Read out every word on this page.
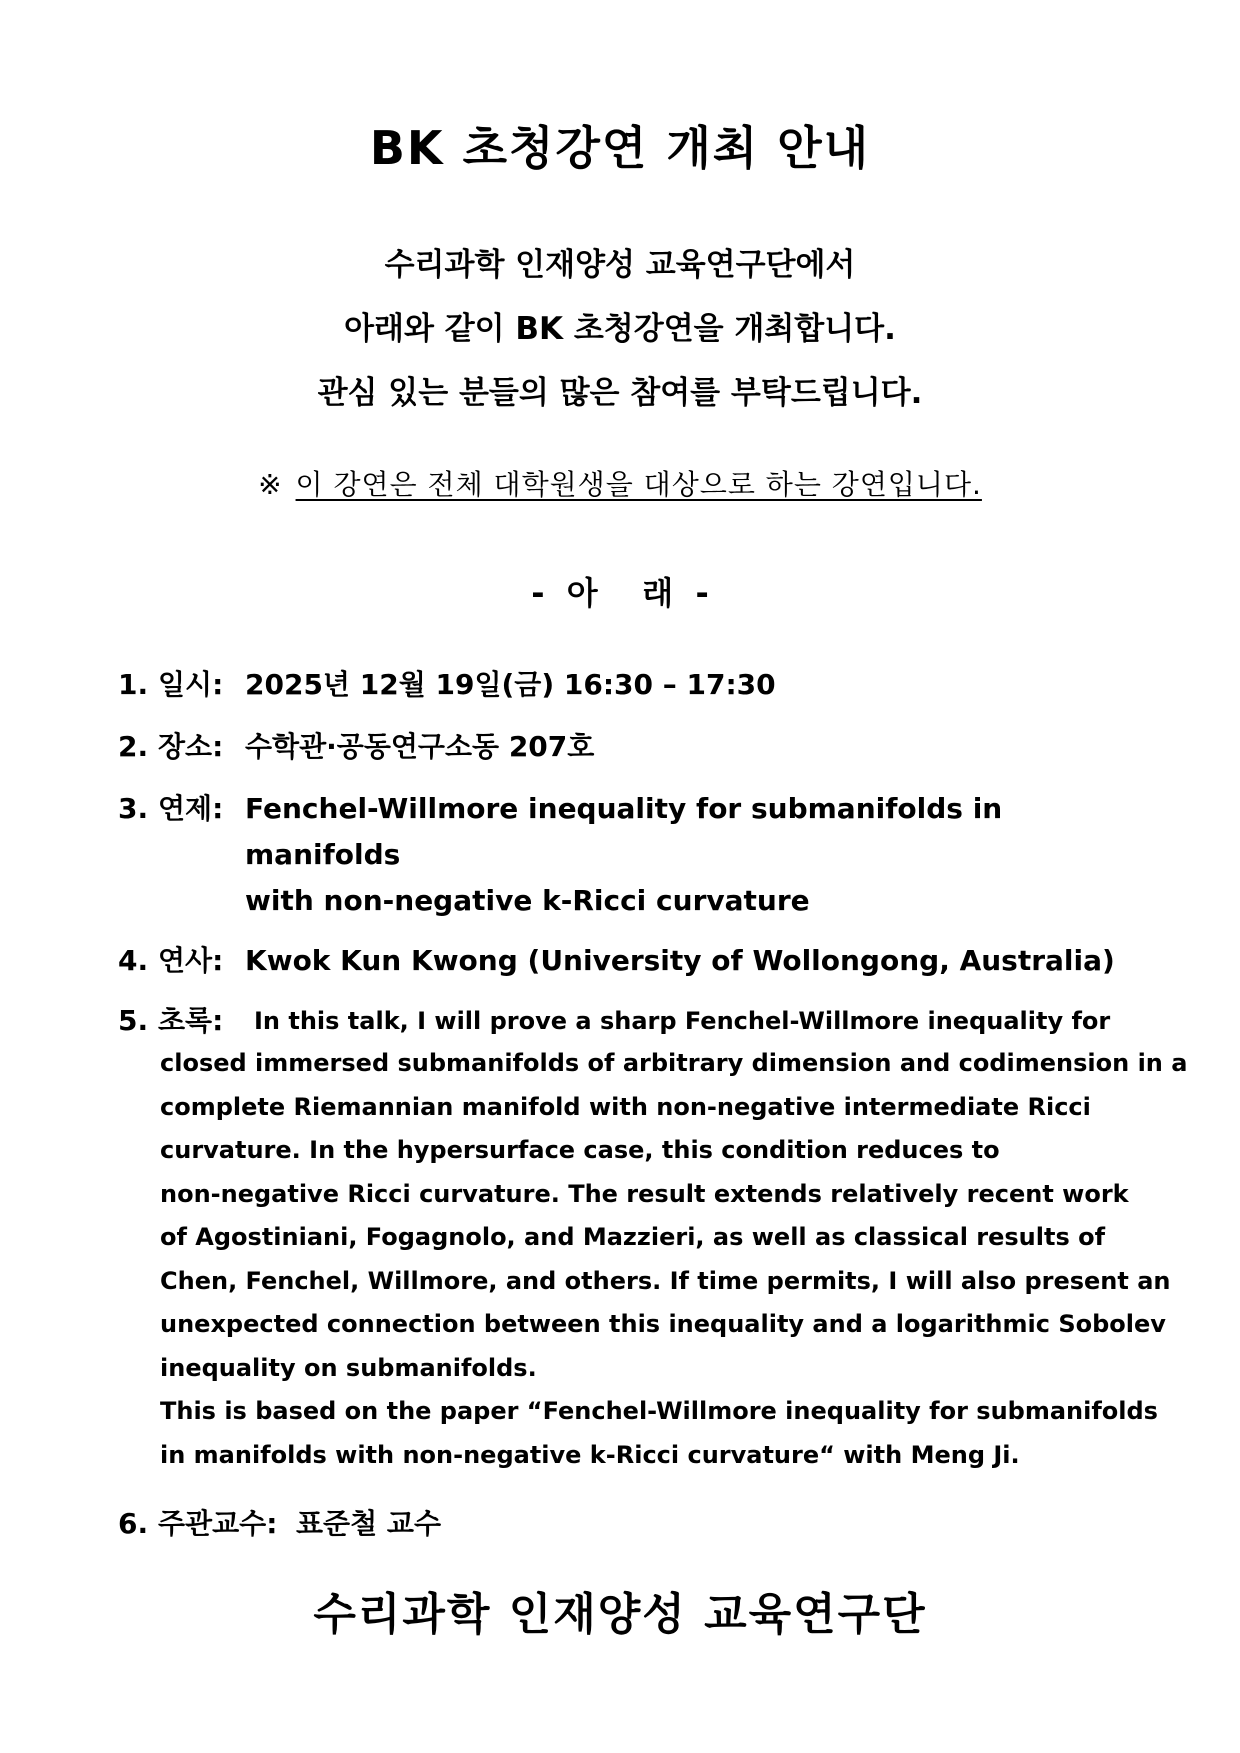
BK 초청강연 개최 안내
수리과학 인재양성 교육연구단에서
아래와 같이 BK 초청강연을 개최합니다.
관심 있는 분들의 많은 참여를 부탁드립니다.
※ 이 강연은 전체 대학원생을 대상으로 하는 강연입니다.
-  아    래  -
1. 일시: 2025년 12월 19일(금) 16:30 – 17:30
2. 장소: 수학관·공동연구소동 207호
3. 연제: Fenchel-Willmore inequality for submanifolds in manifolds
with non-negative k-Ricci curvature
4. 연사: Kwok Kun Kwong (University of Wollongong, Australia)
5. 초록: In this talk, I will prove a sharp Fenchel-Willmore inequality for
closed immersed submanifolds of arbitrary dimension and codimension in a
complete Riemannian manifold with non-negative intermediate Ricci
curvature. In the hypersurface case, this condition reduces to
non-negative Ricci curvature. The result extends relatively recent work
of Agostiniani, Fogagnolo, and Mazzieri, as well as classical results of
Chen, Fenchel, Willmore, and others. If time permits, I will also present an
unexpected connection between this inequality and a logarithmic Sobolev
inequality on submanifolds.
This is based on the paper “Fenchel-Willmore inequality for submanifolds
in manifolds with non-negative k-Ricci curvature“ with Meng Ji.
6. 주관교수: 표준철 교수
수리과학 인재양성 교육연구단
